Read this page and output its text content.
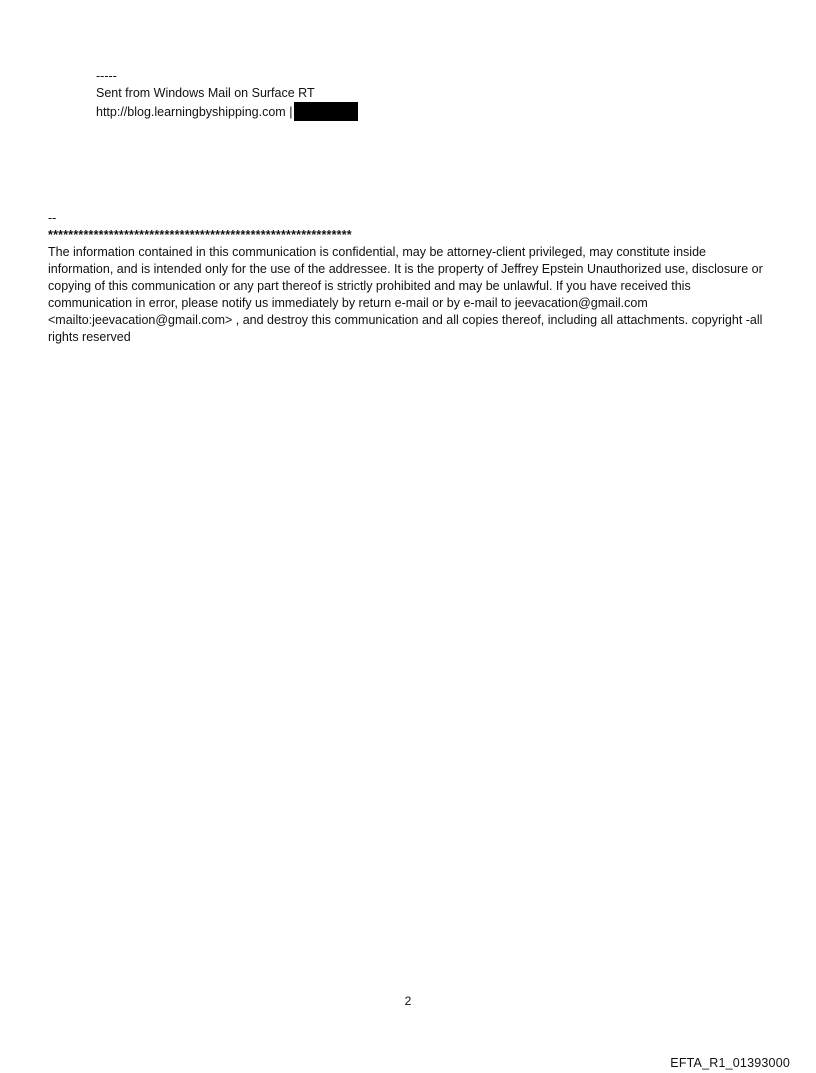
-----
Sent from Windows Mail on Surface RT
http://blog.learningbyshipping.com |
--
************************************************************

The information contained in this communication is confidential, may be attorney-client privileged, may constitute inside information, and is intended only for the use of the addressee. It is the property of Jeffrey Epstein Unauthorized use, disclosure or copying of this communication or any part thereof is strictly prohibited and may be unlawful. If you have received this communication in error, please notify us immediately by return e-mail or by e-mail to jeevacation@gmail.com <mailto:jeevacation@gmail.com> , and destroy this communication and all copies thereof, including all attachments. copyright -all rights reserved

2
EFTA_R1_01393000
